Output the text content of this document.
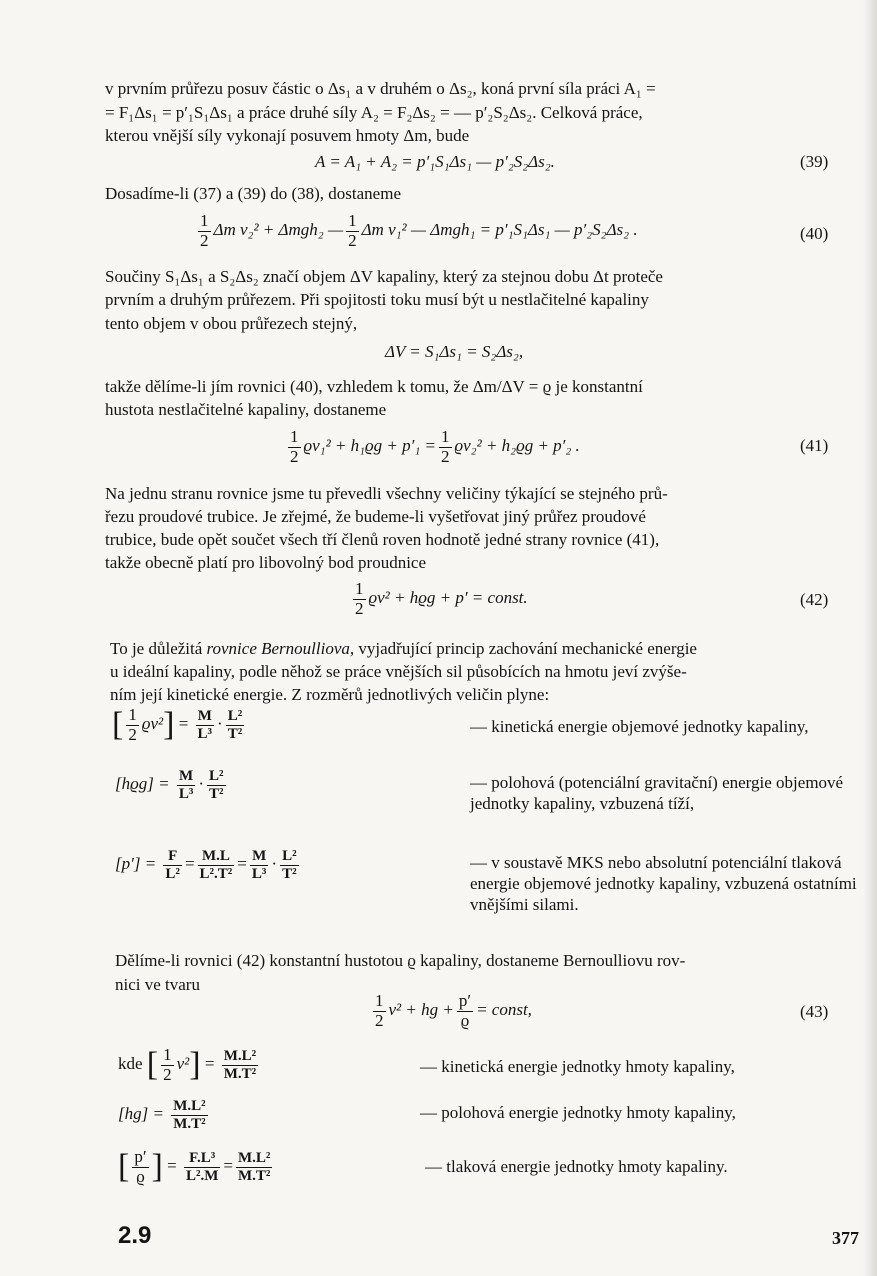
v prvním průřezu posuv částic o Δs₁ a v druhém o Δs₂, koná první síla práci A₁ =
= F₁Δs₁ = p′₁S₁Δs₁ a práce druhé síly A₂ = F₂Δs₂ = — p′₂S₂Δs₂. Celková práce,
kterou vnější síly vykonají posuvem hmoty Δm, bude
A = A₁ + A₂ = p′₁S₁Δs₁ — p′₂S₂Δs₂.	(39)
Dosadíme-li (37) a (39) do (38), dostaneme
$\frac{1}{2}$ Δm v₂² + Δmgh₂ — $\frac{1}{2}$ Δm v₁² — Δmgh₁ = p′₁S₁Δs₁ — p′₂S₂Δs₂ .	(40)
Součiny S₁Δs₁ a S₂Δs₂ značí objem ΔV kapaliny, který za stejnou dobu Δt proteče
prvním a druhým průřezem. Při spojitosti toku musí být u nestlačitelné kapaliny
tento objem v obou průřezech stejný,
ΔV = S₁Δs₁ = S₂Δs₂,
takže dělíme-li jím rovnici (40), vzhledem k tomu, že Δm/ΔV = ϱ je konstantní
hustota nestlačitelné kapaliny, dostaneme
$\frac{1}{2} ϱv_1^2 + h_1ϱg + p'_1 = \frac{1}{2} ϱv_2^2 + h_2ϱg + p'_2$ .	(41)
Na jednu stranu rovnice jsme tu převedli všechny veličiny týkající se stejného prů-
řezu proudové trubice. Je zřejmé, že budeme-li vyšetřovat jiný průřez proudové
trubice, bude opět součet všech tří členů roven hodnotě jedné strany rovnice (41),
takže obecně platí pro libovolný bod proudnice
$\frac{1}{2} ϱv^2 + hϱg + p'$ = const.	(42)
To je důležitá rovnice Bernoulliova, vyjadřující princip zachování mechanické energie
u ideální kapaliny, podle něhož se práce vnějších sil působících na hmotu jeví zvýše-
ním její kinetické energie. Z rozměrů jednotlivých veličin plyne:
[ $\frac{1}{2} ϱv^2] = \frac{M}{\text{L³}} \cdot \frac{\text{L²}}{\text{T²}}$	— kinetická energie objemové jednotky kapaliny,
$[hϱg] = \frac{M}{\text{L³}} \cdot \frac{\text{L²}}{\text{T²}}$	— polohová (potenciální gravitační) energie objemové jednotky kapaliny, vzbuzená tíží,
$[p'] = \frac{F}{\text{L²}} = \frac{M.L}{\text{L².T²}} = \frac{M}{\text{L³}} \cdot \frac{\text{L²}}{\text{T²}}$	— v soustavě MKS nebo absolutní potenciální tlaková energie objemové jednotky kapaliny, vzbuzená ostatními vnějšími silami.
Dělíme-li rovnici (42) konstantní hustotou ϱ kapaliny, dostaneme Bernoulliovu rov-
nici ve tvaru
$\frac{1}{2} v^2$ + hg + $\frac{p'}{ϱ}$ = const,	(43)
kde [ $\frac{1}{2} v^2] = \frac{\text{M.L²}}{\text{M.T²}}$	— kinetická energie jednotky hmoty kapaliny,
$[hg] = \frac{\text{M.L²}}{\text{M.T²}}$	— polohová energie jednotky hmoty kapaliny,
[ $\frac{p'}{ϱ}$ ] = $\frac{\text{F.L³}}{\text{L².M}} = \frac{\text{M.L²}}{\text{M.T²}}$	— tlaková energie jednotky hmoty kapaliny.
2.9	377
